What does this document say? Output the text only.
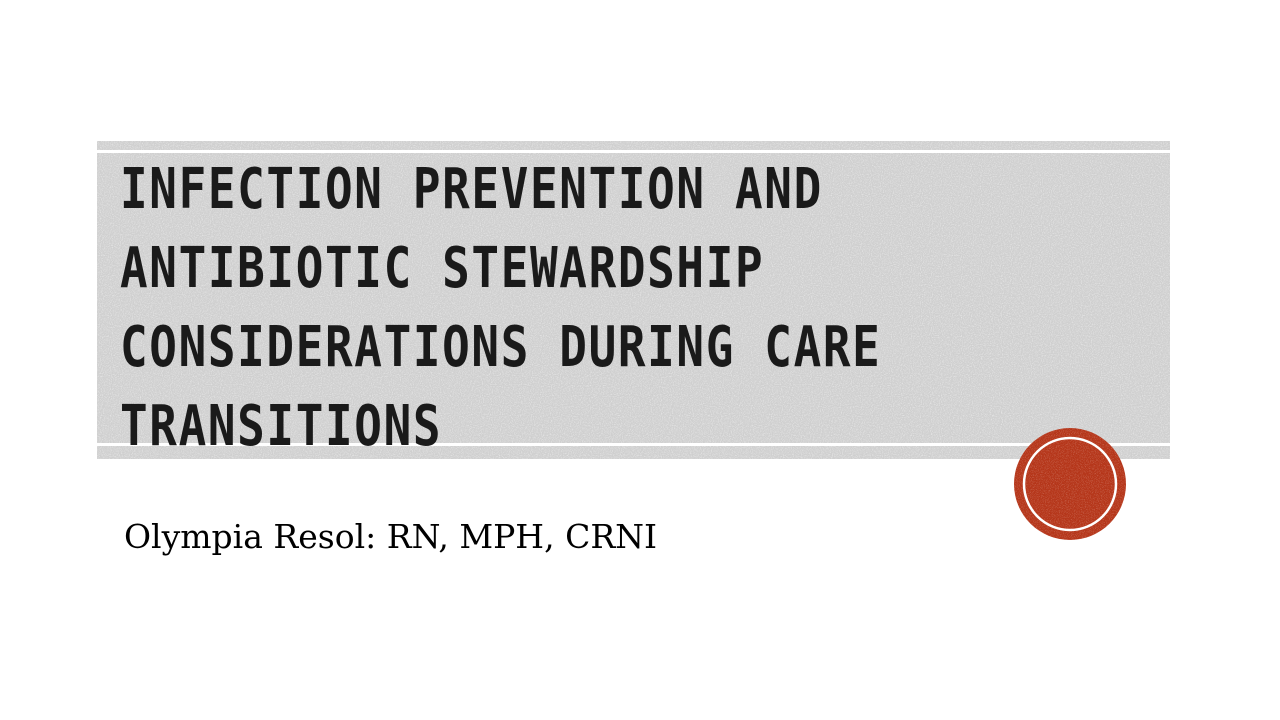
INFECTION PREVENTION AND
ANTIBIOTIC STEWARDSHIP
CONSIDERATIONS DURING CARE
TRANSITIONS

Olympia Resol: RN, MPH, CRNI
